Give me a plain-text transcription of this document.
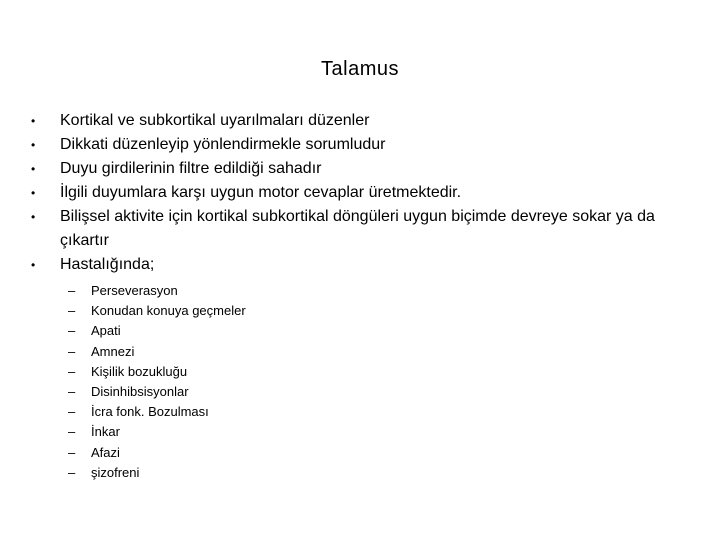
Talamus
• Kortikal ve subkortikal uyarılmaları düzenler
• Dikkati düzenleyip yönlendirmekle sorumludur
• Duyu girdilerinin filtre edildiği sahadır
• İlgili duyumlara karşı uygun motor cevaplar üretmektedir.
• Bilişsel aktivite için kortikal subkortikal döngüleri uygun biçimde devreye sokar ya da çıkartır
• Hastalığında;
– Perseverasyon
– Konudan konuya geçmeler
– Apati
– Amnezi
– Kişilik bozukluğu
– Disinhibsisyonlar
– İcra fonk. Bozulması
– İnkar
– Afazi
– şizofreni
